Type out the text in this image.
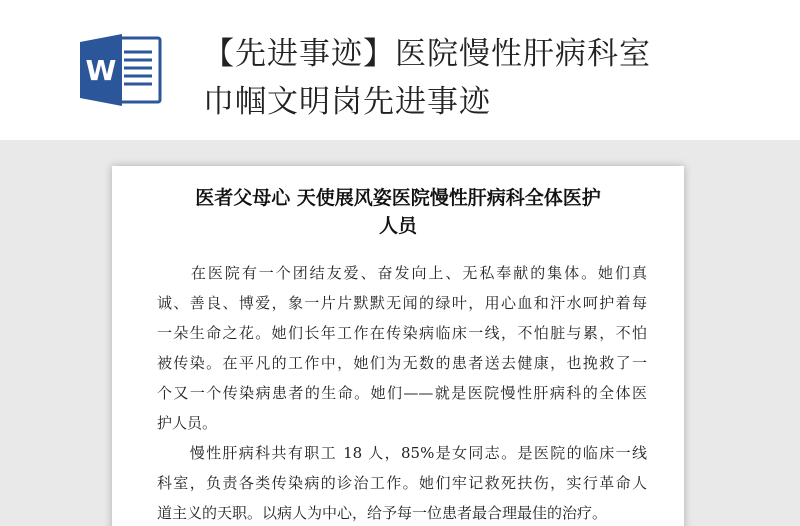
W	【先进事迹】医院慢性肝病科室
巾帼文明岗先进事迹
医者父母心 天使展风姿医院慢性肝病科全体医护
人员
　　在医院有一个团结友爱、奋发向上、无私奉献的集体。她们真
诚、善良、博爱，象一片片默默无闻的绿叶，用心血和汗水呵护着每
一朵生命之花。她们长年工作在传染病临床一线，不怕脏与累，不怕
被传染。在平凡的工作中，她们为无数的患者送去健康，也挽救了一
个又一个传染病患者的生命。她们——就是医院慢性肝病科的全体医
护人员。
　　慢性肝病科共有职工 18 人，85%是女同志。是医院的临床一线
科室，负责各类传染病的诊治工作。她们牢记救死扶伤，实行革命人
道主义的天职。以病人为中心，给予每一位患者最合理最佳的治疗。
